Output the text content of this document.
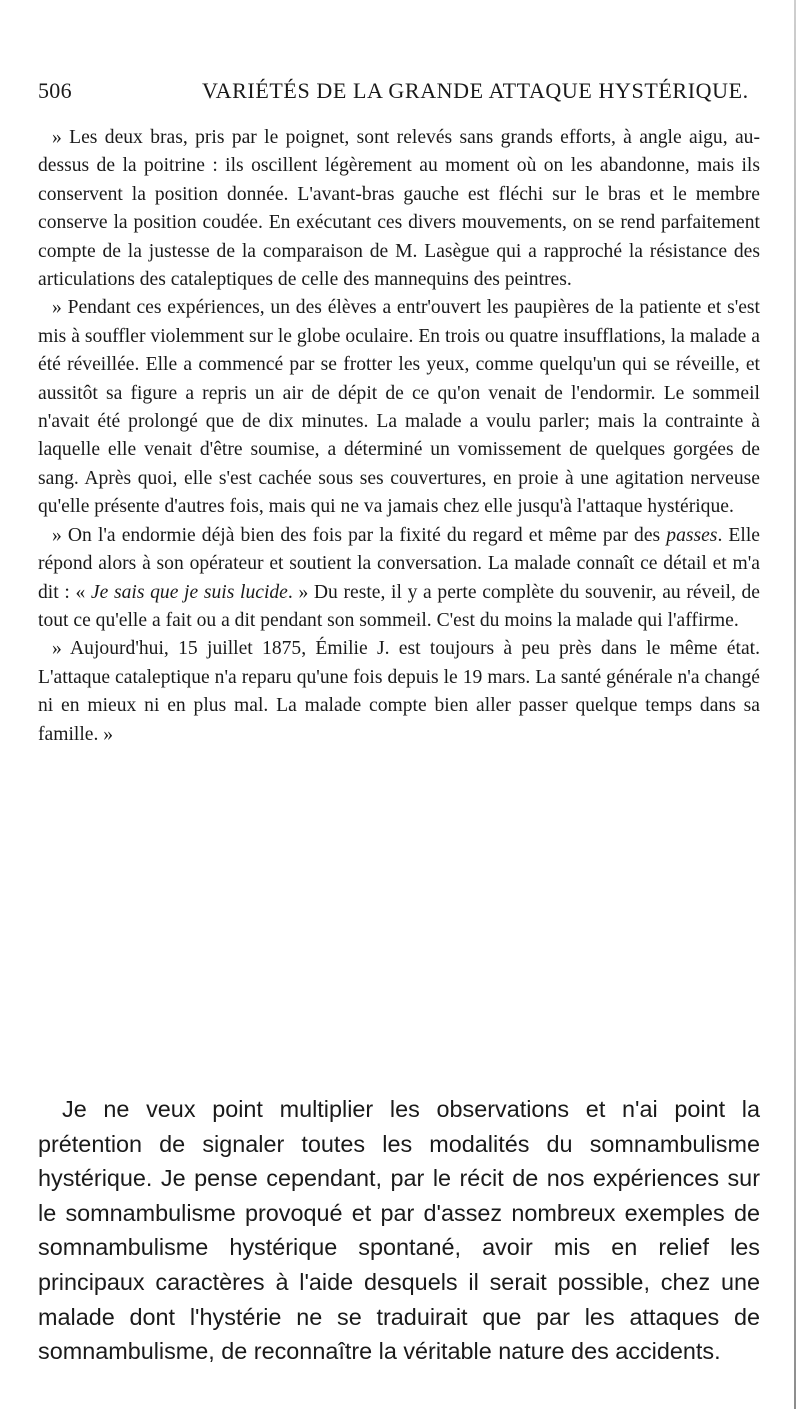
506	VARIÉTÉS DE LA GRANDE ATTAQUE HYSTÉRIQUE.

» Les deux bras, pris par le poignet, sont relevés sans grands efforts, à angle aigu, au-dessus de la poitrine : ils oscillent légèrement au moment où on les abandonne, mais ils conservent la position donnée. L'avant-bras gauche est fléchi sur le bras et le membre conserve la position coudée. En exécutant ces divers mouvements, on se rend parfaitement compte de la justesse de la comparaison de M. Lasègue qui a rapproché la résistance des articulations des cataleptiques de celle des mannequins des peintres.

» Pendant ces expériences, un des élèves a entr'ouvert les paupières de la patiente et s'est mis à souffler violemment sur le globe oculaire. En trois ou quatre insufflations, la malade a été réveillée. Elle a commencé par se frotter les yeux, comme quelqu'un qui se réveille, et aussitôt sa figure a repris un air de dépit de ce qu'on venait de l'endormir. Le sommeil n'avait été prolongé que de dix minutes. La malade a voulu parler; mais la contrainte à laquelle elle venait d'être soumise, a déterminé un vomissement de quelques gorgées de sang. Après quoi, elle s'est cachée sous ses couvertures, en proie à une agitation nerveuse qu'elle présente d'autres fois, mais qui ne va jamais chez elle jusqu'à l'attaque hystérique.

» On l'a endormie déjà bien des fois par la fixité du regard et même par des passes. Elle répond alors à son opérateur et soutient la conversation. La malade connaît ce détail et m'a dit : « Je sais que je suis lucide. » Du reste, il y a perte complète du souvenir, au réveil, de tout ce qu'elle a fait ou a dit pendant son sommeil. C'est du moins la malade qui l'affirme.

» Aujourd'hui, 15 juillet 1875, Émilie J. est toujours à peu près dans le même état. L'attaque cataleptique n'a reparu qu'une fois depuis le 19 mars. La santé générale n'a changé ni en mieux ni en plus mal. La malade compte bien aller passer quelque temps dans sa famille. »

Je ne veux point multiplier les observations et n'ai point la prétention de signaler toutes les modalités du somnambulisme hystérique. Je pense cependant, par le récit de nos expériences sur le somnambulisme provoqué et par d'assez nombreux exemples de somnambulisme hystérique spontané, avoir mis en relief les principaux caractères à l'aide desquels il serait possible, chez une malade dont l'hystérie ne se traduirait que par les attaques de somnambulisme, de reconnaître la véritable nature des accidents.
